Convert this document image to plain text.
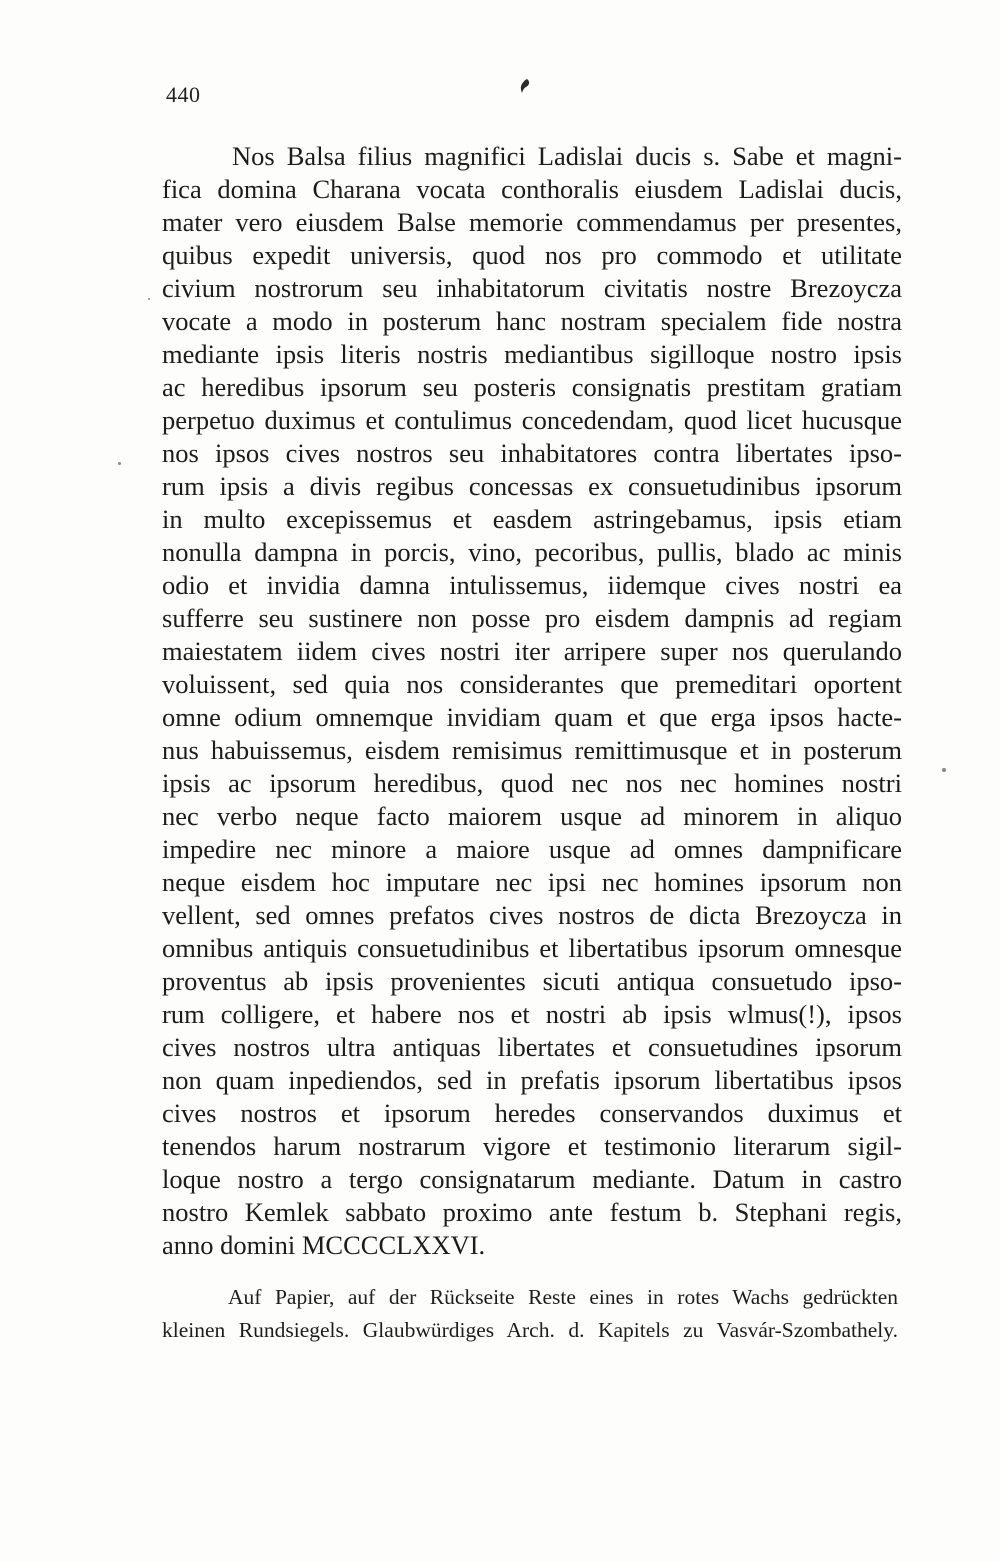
440
Nos Balsa filius magnifici Ladislai ducis s. Sabe et magni-
fica domina Charana vocata conthoralis eiusdem Ladislai ducis,
mater vero eiusdem Balse memorie commendamus per presentes,
quibus expedit universis, quod nos pro commodo et utilitate
civium nostrorum seu inhabitatorum civitatis nostre Brezoycza
vocate a modo in posterum hanc nostram specialem fide nostra
mediante ipsis literis nostris mediantibus sigilloque nostro ipsis
ac heredibus ipsorum seu posteris consignatis prestitam gratiam
perpetuo duximus et contulimus concedendam, quod licet hucusque
nos ipsos cives nostros seu inhabitatores contra libertates ipso-
rum ipsis a divis regibus concessas ex consuetudinibus ipsorum
in multo excepissemus et easdem astringebamus, ipsis etiam
nonulla dampna in porcis, vino, pecoribus, pullis, blado ac minis
odio et invidia damna intulissemus, iidemque cives nostri ea
sufferre seu sustinere non posse pro eisdem dampnis ad regiam
maiestatem iidem cives nostri iter arripere super nos querulando
voluissent, sed quia nos considerantes que premeditari oportent
omne odium omnemque invidiam quam et que erga ipsos hacte-
nus habuissemus, eisdem remisimus remittimusque et in posterum
ipsis ac ipsorum heredibus, quod nec nos nec homines nostri
nec verbo neque facto maiorem usque ad minorem in aliquo
impedire nec minore a maiore usque ad omnes dampnificare
neque eisdem hoc imputare nec ipsi nec homines ipsorum non
vellent, sed omnes prefatos cives nostros de dicta Brezoycza in
omnibus antiquis consuetudinibus et libertatibus ipsorum omnesque
proventus ab ipsis provenientes sicuti antiqua consuetudo ipso-
rum colligere, et habere nos et nostri ab ipsis wlmus(!), ipsos
cives nostros ultra antiquas libertates et consuetudines ipsorum
non quam inpediendos, sed in prefatis ipsorum libertatibus ipsos
cives nostros et ipsorum heredes conservandos duximus et
tenendos harum nostrarum vigore et testimonio literarum sigil-
loque nostro a tergo consignatarum mediante. Datum in castro
nostro Kemlek sabbato proximo ante festum b. Stephani regis,
anno domini MCCCCLXXVI.
Auf Papier, auf der Rückseite Reste eines in rotes Wachs gedrückten
kleinen Rundsiegels. Glaubwürdiges Arch. d. Kapitels zu Vasvár-Szombathely.
